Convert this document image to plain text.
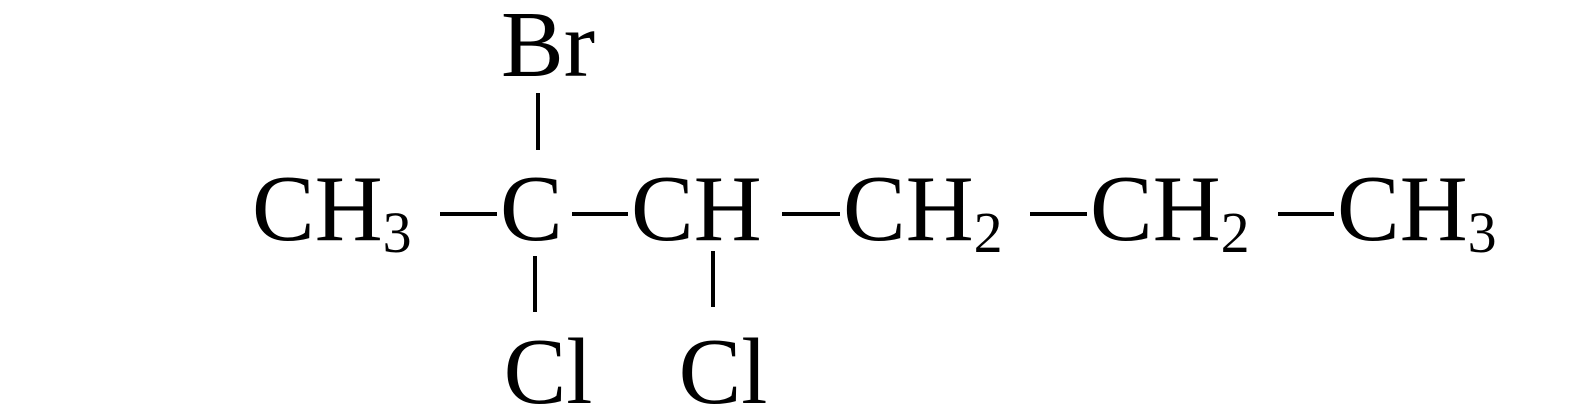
Br
CH3 C CH CH2 CH2 CH3
Cl Cl
